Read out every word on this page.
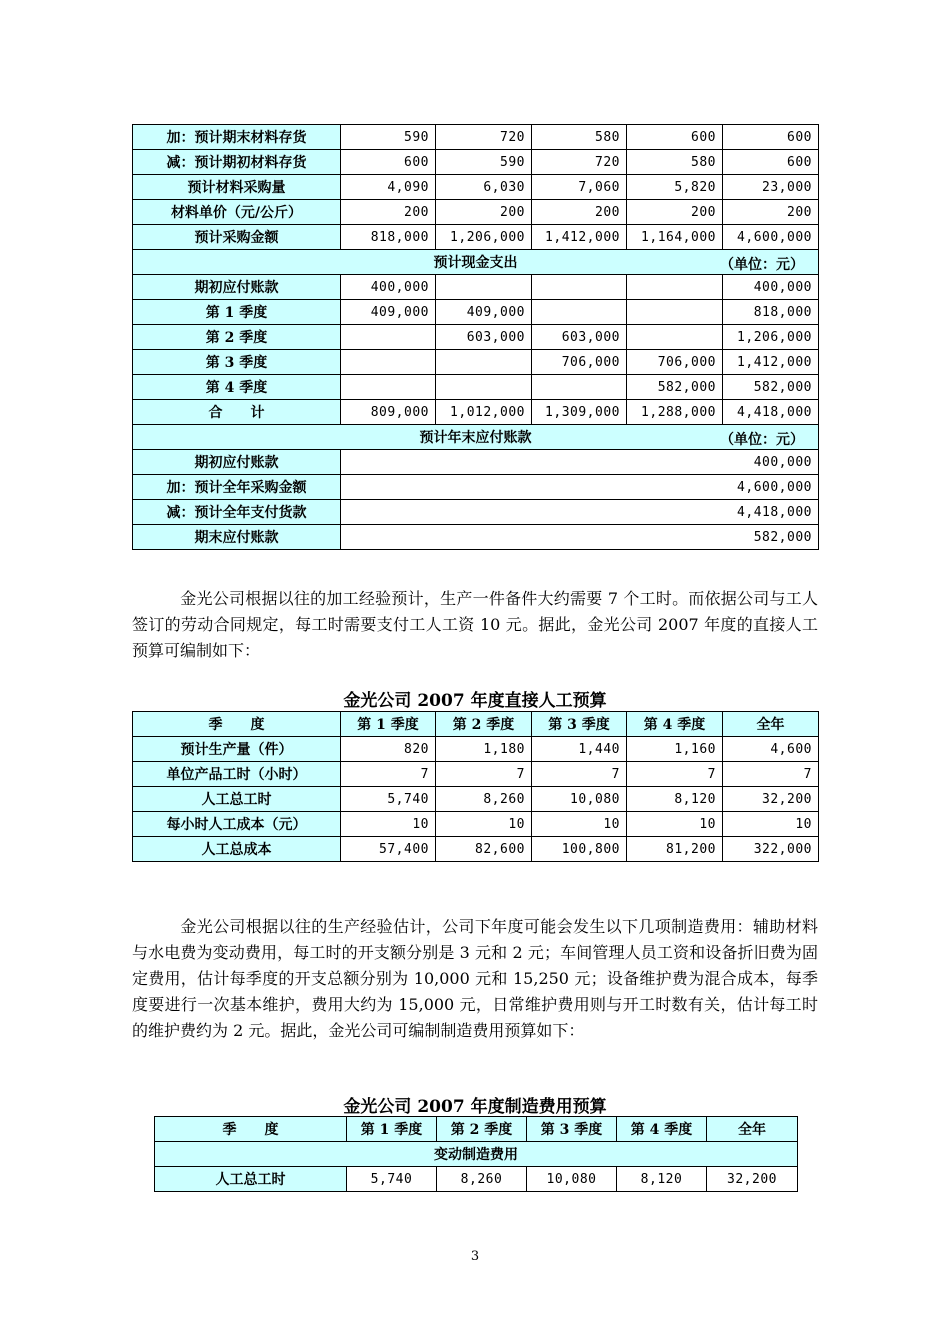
加：预计期末材料存货	590	720	580	600	600
减：预计期初材料存货	600	590	720	580	600
预计材料采购量	4,090	6,030	7,060	5,820	23,000
材料单价（元/公斤）	200	200	200	200	200
预计采购金额	818,000	1,206,000	1,412,000	1,164,000	4,600,000
预计现金支出 （单位：元）					

期初应付账款	400,000				400,000
第 1 季度	409,000	409,000			818,000
第 2 季度		603,000	603,000		1,206,000
第 3 季度			706,000	706,000	1,412,000
第 4 季度				582,000	582,000
合　　计	809,000	1,012,000	1,309,000	1,288,000	4,418,000
预计年末应付账款 （单位：元）					

期初应付账款	400,000				
加：预计全年采购金额	4,600,000				
减：预计全年支付货款	4,418,000				
期末应付账款	582,000				
金光公司根据以往的加工经验预计，生产一件备件大约需要 7 个工时。而依据公司与工人签订的劳动合同规定，每工时需要支付工人工资 10 元。据此，金光公司 2007 年度的直接人工预算可编制如下：
金光公司 2007 年度直接人工预算
季　　度	第 1 季度	第 2 季度	第 3 季度	第 4 季度	全年
预计生产量（件）	820	1,180	1,440	1,160	4,600
单位产品工时（小时）	7	7	7	7	7
人工总工时	5,740	8,260	10,080	8,120	32,200
每小时人工成本（元）	10	10	10	10	10
人工总成本	57,400	82,600	100,800	81,200	322,000
金光公司根据以往的生产经验估计，公司下年度可能会发生以下几项制造费用：辅助材料与水电费为变动费用，每工时的开支额分别是 3 元和 2 元；车间管理人员工资和设备折旧费为固定费用，估计每季度的开支总额分别为 10,000 元和 15,250 元；设备维护费为混合成本，每季度要进行一次基本维护，费用大约为 15,000 元，日常维护费用则与开工时数有关，估计每工时的维护费约为 2 元。据此，金光公司可编制制造费用预算如下：
金光公司 2007 年度制造费用预算
季　　度	第 1 季度	第 2 季度	第 3 季度	第 4 季度	全年
变动制造费用					
人工总工时	5,740	8,260	10,080	8,120	32,200
3
